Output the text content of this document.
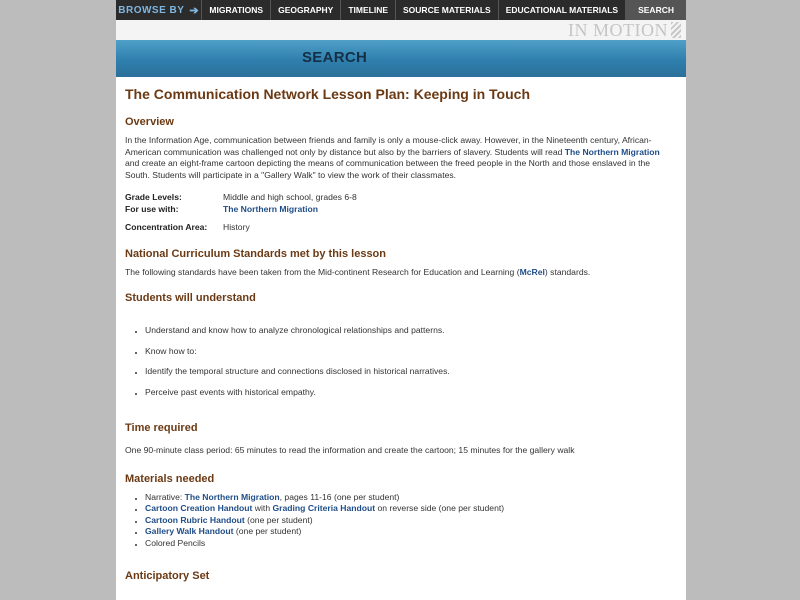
BROWSE BY ➔	MIGRATIONS	GEOGRAPHY	TIMELINE	SOURCE MATERIALS	EDUCATIONAL MATERIALS	SEARCH
IN MOTION
SEARCH
The Communication Network Lesson Plan: Keeping in Touch
Overview

In the Information Age, communication between friends and family is only a mouse-click away. However, in the Nineteenth century, African-American communication was challenged not only by distance but also by the barriers of slavery. Students will read The Northern Migration and create an eight-frame cartoon depicting the means of communication between the freed people in the North and those enslaved in the South. Students will participate in a "Gallery Walk" to view the work of their classmates.

Grade Levels:	Middle and high school, grades 6-8
For use with:	The Northern Migration
Concentration Area:	History
National Curriculum Standards met by this lesson

The following standards have been taken from the Mid-continent Research for Education and Learning (McRel) standards.

Students will understand
• Understand and know how to analyze chronological relationships and patterns.
• Know how to:
• Identify the temporal structure and connections disclosed in historical narratives.
• Perceive past events with historical empathy.
Time required

One 90-minute class period: 65 minutes to read the information and create the cartoon; 15 minutes for the gallery walk

Materials needed
• Narrative: The Northern Migration, pages 11-16 (one per student)
• Cartoon Creation Handout with Grading Criteria Handout on reverse side (one per student)
• Cartoon Rubric Handout (one per student)
• Gallery Walk Handout (one per student)
• Colored Pencils
Anticipatory Set
